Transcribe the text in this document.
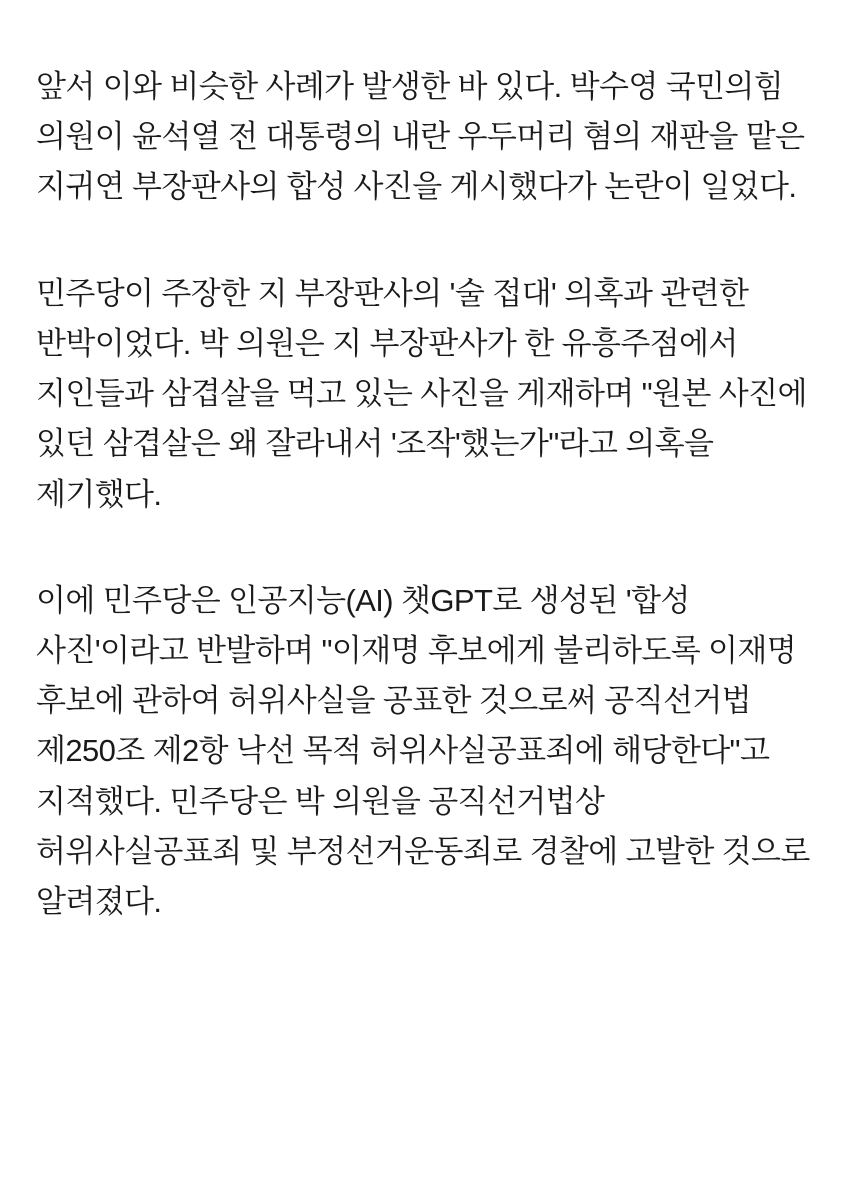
앞서 이와 비슷한 사례가 발생한 바 있다. 박수영 국민의힘 의원이 윤석열 전 대통령의 내란 우두머리 혐의 재판을 맡은 지귀연 부장판사의 합성 사진을 게시했다가 논란이 일었다.

민주당이 주장한 지 부장판사의 '술 접대' 의혹과 관련한 반박이었다. 박 의원은 지 부장판사가 한 유흥주점에서 지인들과 삼겹살을 먹고 있는 사진을 게재하며 "원본 사진에 있던 삼겹살은 왜 잘라내서 '조작'했는가"라고 의혹을 제기했다.

이에 민주당은 인공지능(AI) 챗GPT로 생성된 '합성 사진'이라고 반발하며 "이재명 후보에게 불리하도록 이재명 후보에 관하여 허위사실을 공표한 것으로써 공직선거법 제250조 제2항 낙선 목적 허위사실공표죄에 해당한다"고 지적했다. 민주당은 박 의원을 공직선거법상 허위사실공표죄 및 부정선거운동죄로 경찰에 고발한 것으로 알려졌다.
